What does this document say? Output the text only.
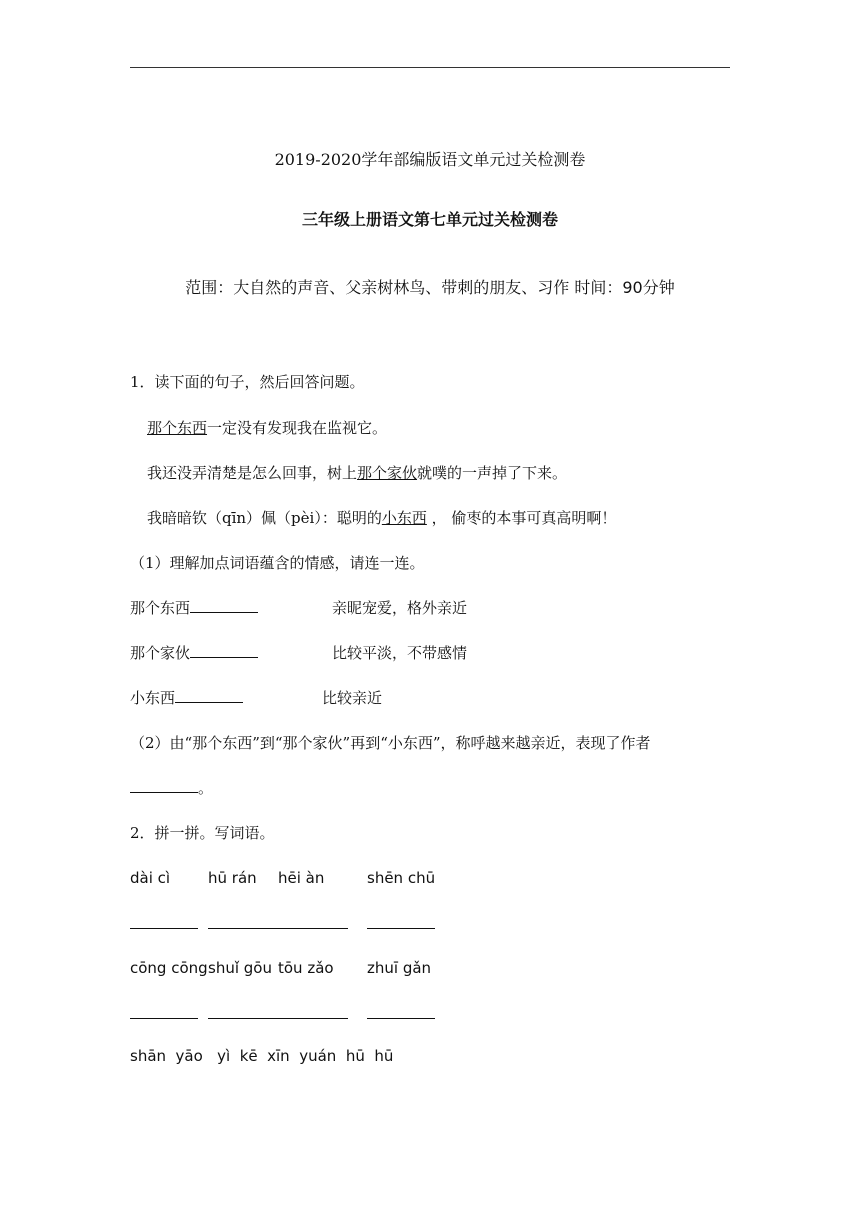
2019-2020学年部编版语文单元过关检测卷
三年级上册语文第七单元过关检测卷
范围：大自然的声音、父亲树林鸟、带刺的朋友、习作 时间：90分钟
1．读下面的句子，然后回答问题。
那个东西一定没有发现我在监视它。
我还没弄清楚是怎么回事，树上那个家伙就噗的一声掉了下来。
我暗暗钦（qīn）佩（pèi）：聪明的小东西 ， 偷枣的本事可真高明啊！
（1）理解加点词语蕴含的情感，请连一连。
那个东西	亲昵宠爱，格外亲近
那个家伙	比较平淡，不带感情
小东西	比较亲近
（2）由“那个东西”到“那个家伙”再到“小东西”，称呼越来越亲近，表现了作者
。
2．拼一拼。写词语。
dài cì	hū rán hēi àn	shēn chū
cōng cōng shuǐ gōu tōu zǎo zhuī gǎn
shān  yāo   yì  kē  xīn  yuán  hū  hū
